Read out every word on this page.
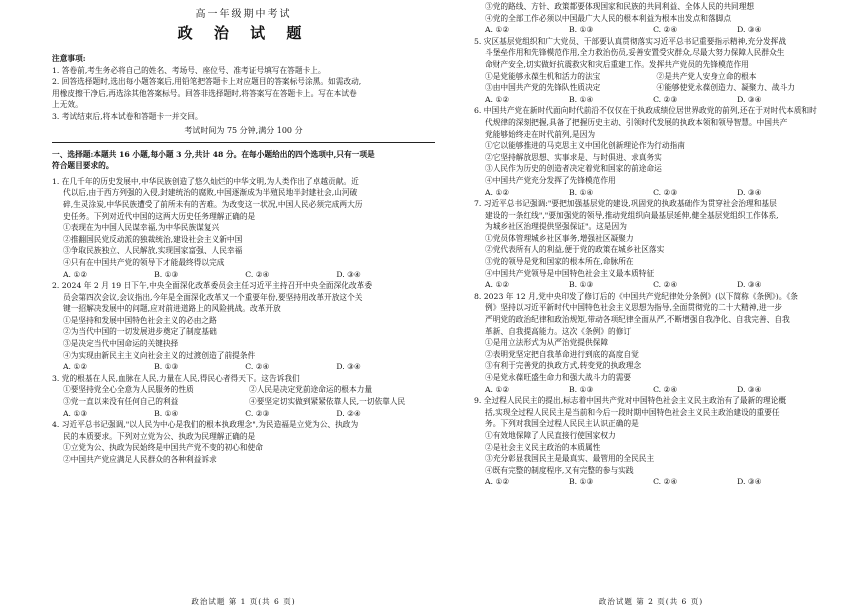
高一年级期中考试
政 治 试 题
注意事项:
1. 答卷前,考生务必将自己的姓名、考场号、座位号、准考证号填写在答题卡上。
2. 回答选择题时,选出每小题答案后,用铅笔把答题卡上对应题目的答案标号涂黑。如需改动,
用橡皮擦干净后,再选涂其他答案标号。回答非选择题时,将答案写在答题卡上。写在本试卷
上无效。
3. 考试结束后,将本试卷和答题卡一并交回。
考试时间为 75 分钟,满分 100 分
一、选择题:本题共 16 小题,每小题 3 分,共计 48 分。在每小题给出的四个选项中,只有一项是
符合题目要求的。
1. 在几千年的历史发展中,中华民族创造了悠久灿烂的中华文明,为人类作出了卓越贡献。近
代以后,由于西方列强的入侵,封建统治的腐败,中国逐渐成为半殖民地半封建社会,山河破
碎,生灵涂炭,中华民族遭受了前所未有的苦难。为改变这一状况,中国人民必须完成两大历
史任务。下列对近代中国的这两大历史任务理解正确的是
①表现在为中国人民谋幸福,为中华民族谋复兴
②推翻国民党反动派的独裁统治,建设社会主义新中国
③争取民族独立、人民解放,实现国家富强、人民幸福
④只有在中国共产党的领导下才能最终得以完成
A. ①②	B. ①③	C. ②④	D. ③④
2. 2024 年 2 月 19 日下午,中央全面深化改革委员会主任习近平主持召开中央全面深化改革委
员会第四次会议,会议指出,今年是全面深化改革又一个重要年份,要坚持用改革开放这个关
键一招解决发展中的问题,应对前进道路上的风险挑战。改革开放
①是坚持和发展中国特色社会主义的必由之路
②为当代中国的一切发展进步奠定了制度基础
③是决定当代中国命运的关键抉择
④为实现由新民主主义向社会主义的过渡创造了前提条件
A. ①②	B. ①③	C. ②④	D. ③④
3. 党的根基在人民,血脉在人民,力量在人民,得民心者得天下。这告诉我们
①要坚持党全心全意为人民服务的性质	②人民是决定党前途命运的根本力量
③党一直以来没有任何自己的利益	④要坚定切实做到紧紧依靠人民,一切依靠人民
A. ①③	B. ①④	C. ②③	D. ②④
4. 习近平总书记强调,"以人民为中心是我们的根本执政理念",为民造福是立党为公、执政为
民的本质要求。下列对立党为公、执政为民理解正确的是
①立党为公、执政为民始终是中国共产党不变的初心和使命
②中国共产党应满足人民群众的各种利益诉求
政治试题 第 1 页(共 6 页)
③党的路线、方针、政策都要体现国家和民族的共同利益、全体人民的共同理想
④党的全部工作必须以中国最广大人民的根本利益为根本出发点和落脚点
A. ①②	B. ①③	C. ②④	D. ③④
5. 灾区基层党组织和广大党员、干部要认真贯彻落实习近平总书记重要指示精神,充分发挥战
斗堡垒作用和先锋模范作用,全力救治伤员,妥善安置受灾群众,尽最大努力保障人民群众生
命财产安全,切实做好抗震救灾和灾后重建工作。发挥共产党员的先锋模范作用
①是党能够永葆生机和活力的法宝	②是共产党人安身立命的根本
③由中国共产党的先锋队性质决定	④能够使党永葆创造力、凝聚力、战斗力
A. ①②	B. ①④	C. ②③	D. ③④
6. 中国共产党在新时代面向时代前沿不仅仅在于执政成绩位居世界政党的前列,还在于对时代本质和时
代规律的深刻把握,具备了把握历史主动、引领时代发展的执政本领和领导智慧。中国共产
党能够始终走在时代前列,是因为
①它以能够推进的马克思主义中国化创新理论作为行动指南
②它坚持解放思想、实事求是、与时俱进、求真务实
③人民作为历史的创造者决定着党和国家的前途命运
④中国共产党充分发挥了先锋模范作用
A. ①②	B. ①④	C. ②③	D. ③④
7. 习近平总书记强调:"要把加强基层党的建设,巩固党的执政基础作为贯穿社会治理和基层
建设的一条红线","要加强党的领导,推动党组织向最基层延伸,健全基层党组织工作体系,
为城乡社区治理提供坚强保证"。这是因为
①党员体管理城乡社区事务,增强社区凝聚力
②党代表所有人的利益,便于党的政策在城乡社区落实
③党的领导是党和国家的根本所在,命脉所在
④中国共产党领导是中国特色社会主义最本质特征
A. ①②	B. ①③	C. ②④	D. ③④
8. 2023 年 12 月,党中央印发了修订后的《中国共产党纪律处分条例》(以下简称《条例》)。《条
例》坚持以习近平新时代中国特色社会主义思想为指导,全面贯彻党的二十大精神,进一步
严明党的政治纪律和政治规矩,带动各项纪律全面从严,不断增强自我净化、自我完善、自我
革新、自我提高能力。这次《条例》的修订
①是用立法形式为从严治党提供保障
②表明党坚定把自我革命进行到底的高度自觉
③有利于完善党的执政方式,转变党的执政理念
④是党永葆旺盛生命力和强大战斗力的需要
A. ①②	B. ①③	C. ②④	D. ③④
9. 全过程人民民主的提出,标志着中国共产党对中国特色社会主义民主政治有了最新的理论概
括,实现全过程人民民主是当前和今后一段时期中国特色社会主义民主政治建设的重要任
务。下列对我国全过程人民民主认识正确的是
①有效地保障了人民直接行使国家权力
②是社会主义民主政治的本质属性
③充分彰显我国民主是最真实、最管用的全民民主
④既有完整的制度程序,又有完整的参与实践
A. ①②	B. ①③	C. ②④	D. ③④
政治试题 第 2 页(共 6 页)
